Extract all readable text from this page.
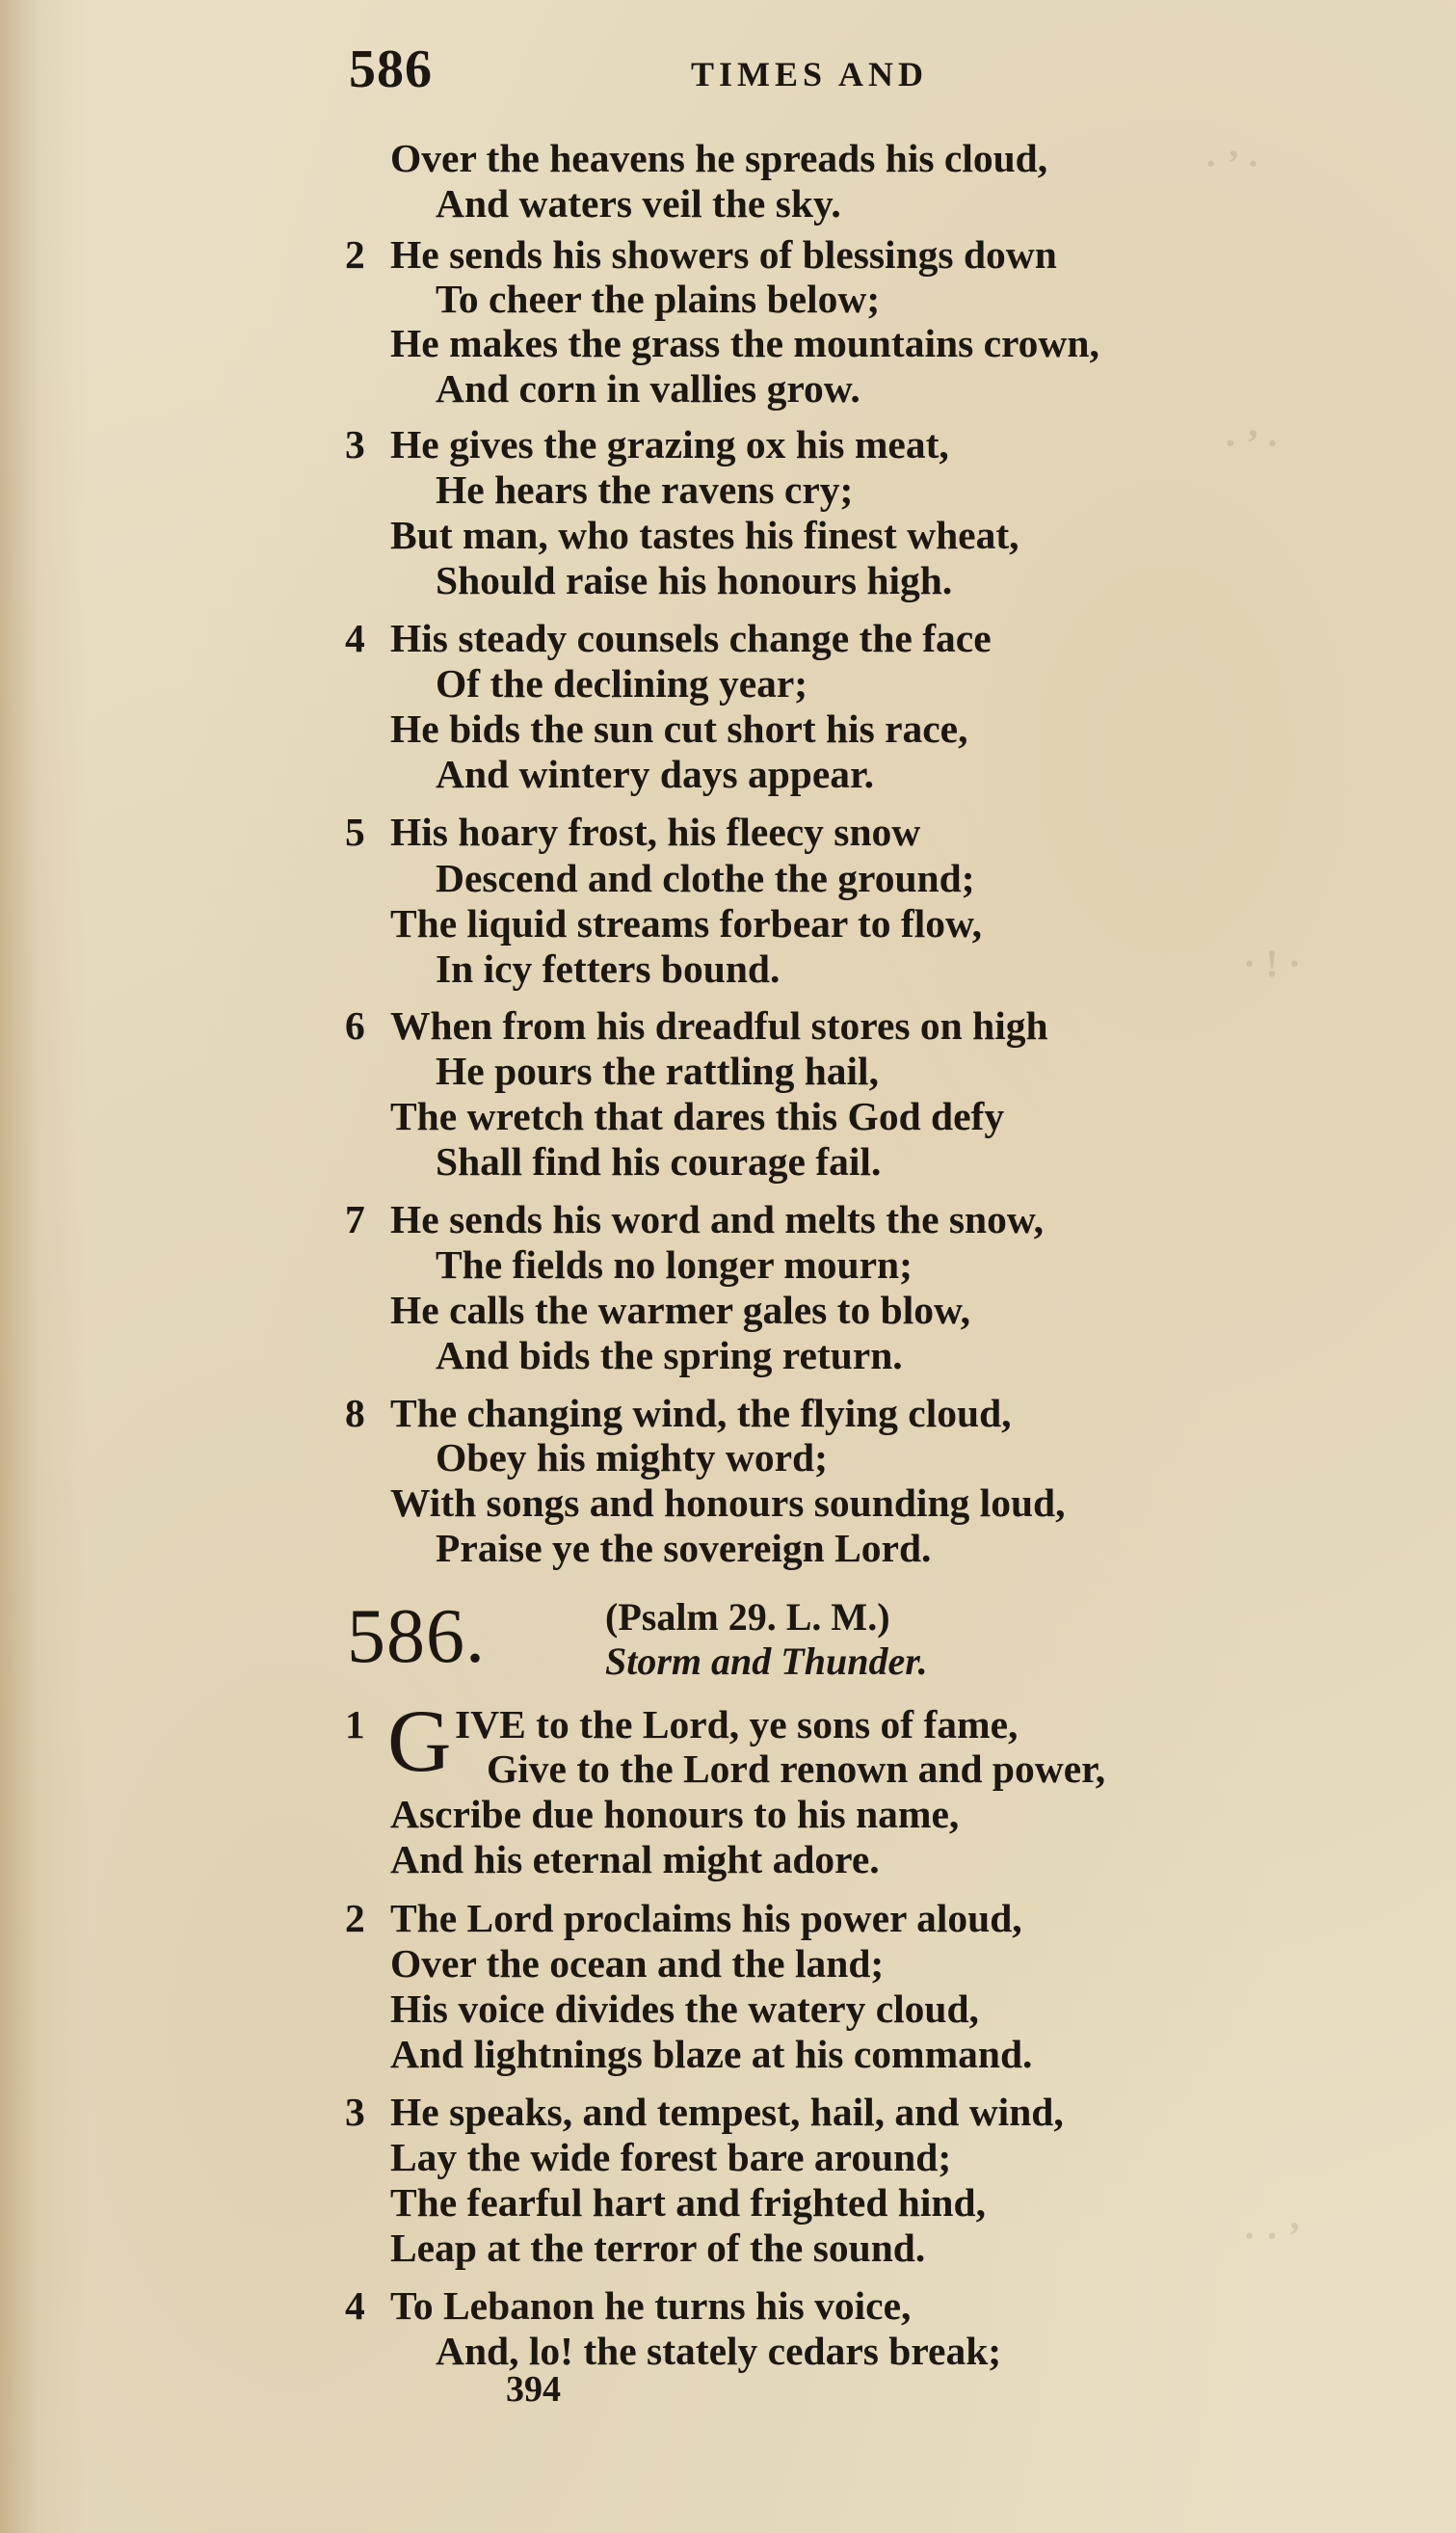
· ’ ·
· ’ ·
· ! ·
· · ’
586	TIMES AND
Over the heavens he spreads his cloud,
And waters veil the sky.
2 He sends his showers of blessings down
To cheer the plains below;
He makes the grass the mountains crown,
And corn in vallies grow.
3 He gives the grazing ox his meat,
He hears the ravens cry;
But man, who tastes his finest wheat,
Should raise his honours high.
4 His steady counsels change the face
Of the declining year;
He bids the sun cut short his race,
And wintery days appear.
5 His hoary frost, his fleecy snow
Descend and clothe the ground;
The liquid streams forbear to flow,
In icy fetters bound.
6 When from his dreadful stores on high
He pours the rattling hail,
The wretch that dares this God defy
Shall find his courage fail.
7 He sends his word and melts the snow,
The fields no longer mourn;
He calls the warmer gales to blow,
And bids the spring return.
8 The changing wind, the flying cloud,
Obey his mighty word;
With songs and honours sounding loud,
Praise ye the sovereign Lord.
586.	(Psalm 29. L. M.)
Storm and Thunder.
1 G IVE to the Lord, ye sons of fame,
Give to the Lord renown and power,
Ascribe due honours to his name,
And his eternal might adore.
2 The Lord proclaims his power aloud,
Over the ocean and the land;
His voice divides the watery cloud,
And lightnings blaze at his command.
3 He speaks, and tempest, hail, and wind,
Lay the wide forest bare around;
The fearful hart and frighted hind,
Leap at the terror of the sound.
4 To Lebanon he turns his voice,
And, lo! the stately cedars break;
394
